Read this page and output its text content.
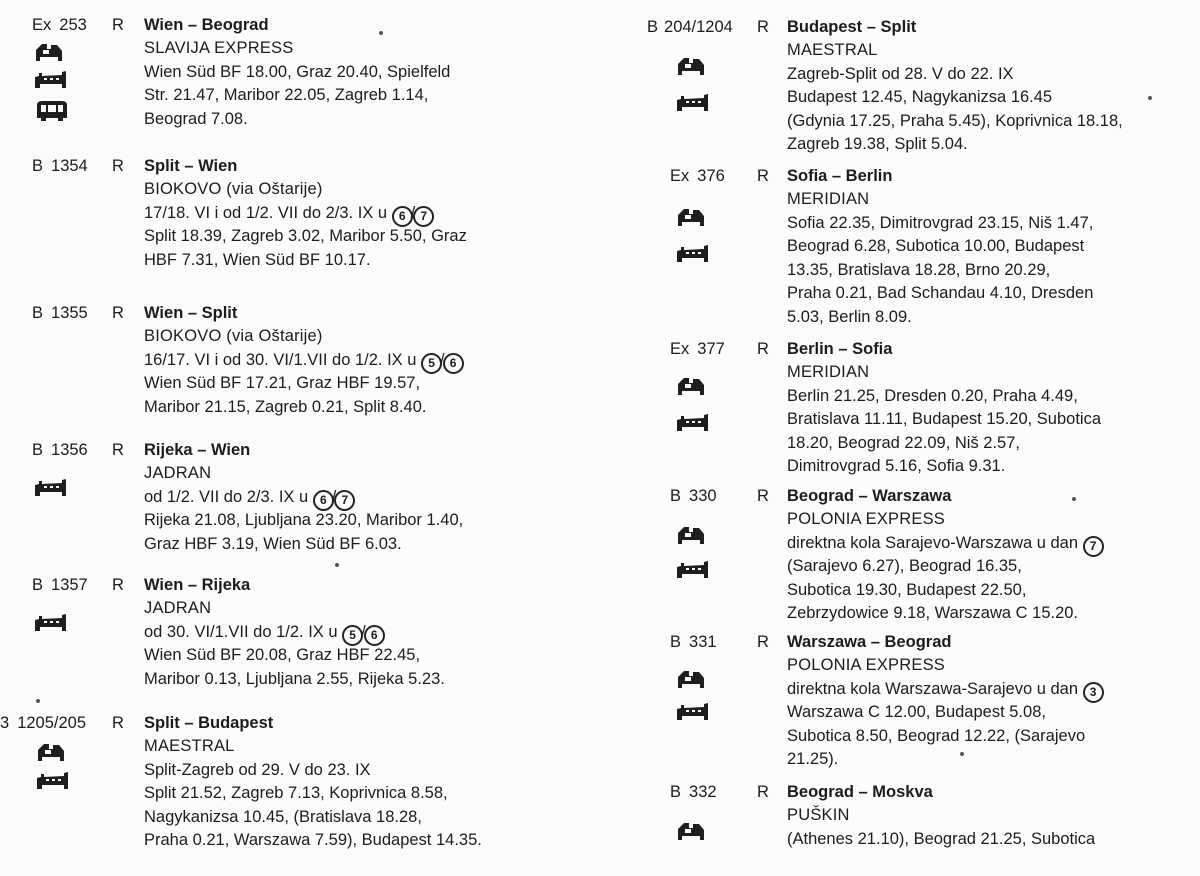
Ex 253 R Wien – Beograd
SLAVIJA EXPRESS
Wien Süd BF 18.00, Graz 20.40, Spielfeld
Str. 21.47, Maribor 22.05, Zagreb 1.14,
Beograd 7.08.
B 1354 R Split – Wien
BIOKOVO (via Oštarije)
17/18. VI i od 1/2. VII do 2/3. IX u 6 / 7
Split 18.39, Zagreb 3.02, Maribor 5.50, Graz
HBF 7.31, Wien Süd BF 10.17.
B 1355 R Wien – Split
BIOKOVO (via Oštarije)
16/17. VI i od 30. VI/1.VII do 1/2. IX u 5 / 6
Wien Süd BF 17.21, Graz HBF 19.57,
Maribor 21.15, Zagreb 0.21, Split 8.40.
B 1356 R Rijeka – Wien
JADRAN
od 1/2. VII do 2/3. IX u 6 / 7
Rijeka 21.08, Ljubljana 23.20, Maribor 1.40,
Graz HBF 3.19, Wien Süd BF 6.03.
B 1357 R Wien – Rijeka
JADRAN
od 30. VI/1.VII do 1/2. IX u 5 / 6
Wien Süd BF 20.08, Graz HBF 22.45,
Maribor 0.13, Ljubljana 2.55, Rijeka 5.23.
3 1205/205 R Split – Budapest
MAESTRAL
Split-Zagreb od 29. V do 23. IX
Split 21.52, Zagreb 7.13, Koprivnica 8.58,
Nagykanizsa 10.45, (Bratislava 18.28,
Praha 0.21, Warszawa 7.59), Budapest 14.35.
B 204/1204 R Budapest – Split
MAESTRAL
Zagreb-Split od 28. V do 22. IX
Budapest 12.45, Nagykanizsa 16.45
(Gdynia 17.25, Praha 5.45), Koprivnica 18.18,
Zagreb 19.38, Split 5.04.
Ex 376 R Sofia – Berlin
MERIDIAN
Sofia 22.35, Dimitrovgrad 23.15, Niš 1.47,
Beograd 6.28, Subotica 10.00, Budapest
13.35, Bratislava 18.28, Brno 20.29,
Praha 0.21, Bad Schandau 4.10, Dresden
5.03, Berlin 8.09.
Ex 377 R Berlin – Sofia
MERIDIAN
Berlin 21.25, Dresden 0.20, Praha 4.49,
Bratislava 11.11, Budapest 15.20, Subotica
18.20, Beograd 22.09, Niš 2.57,
Dimitrovgrad 5.16, Sofia 9.31.
B 330 R Beograd – Warszawa
POLONIA EXPRESS
direktna kola Sarajevo-Warszawa u dan 7
(Sarajevo 6.27), Beograd 16.35,
Subotica 19.30, Budapest 22.50,
Zebrzydowice 9.18, Warszawa C 15.20.
B 331 R Warszawa – Beograd
POLONIA EXPRESS
direktna kola Warszawa-Sarajevo u dan 3
Warszawa C 12.00, Budapest 5.08,
Subotica 8.50, Beograd 12.22, (Sarajevo
21.25).
B 332 R Beograd – Moskva
PUŠKIN
(Athenes 21.10), Beograd 21.25, Subotica
